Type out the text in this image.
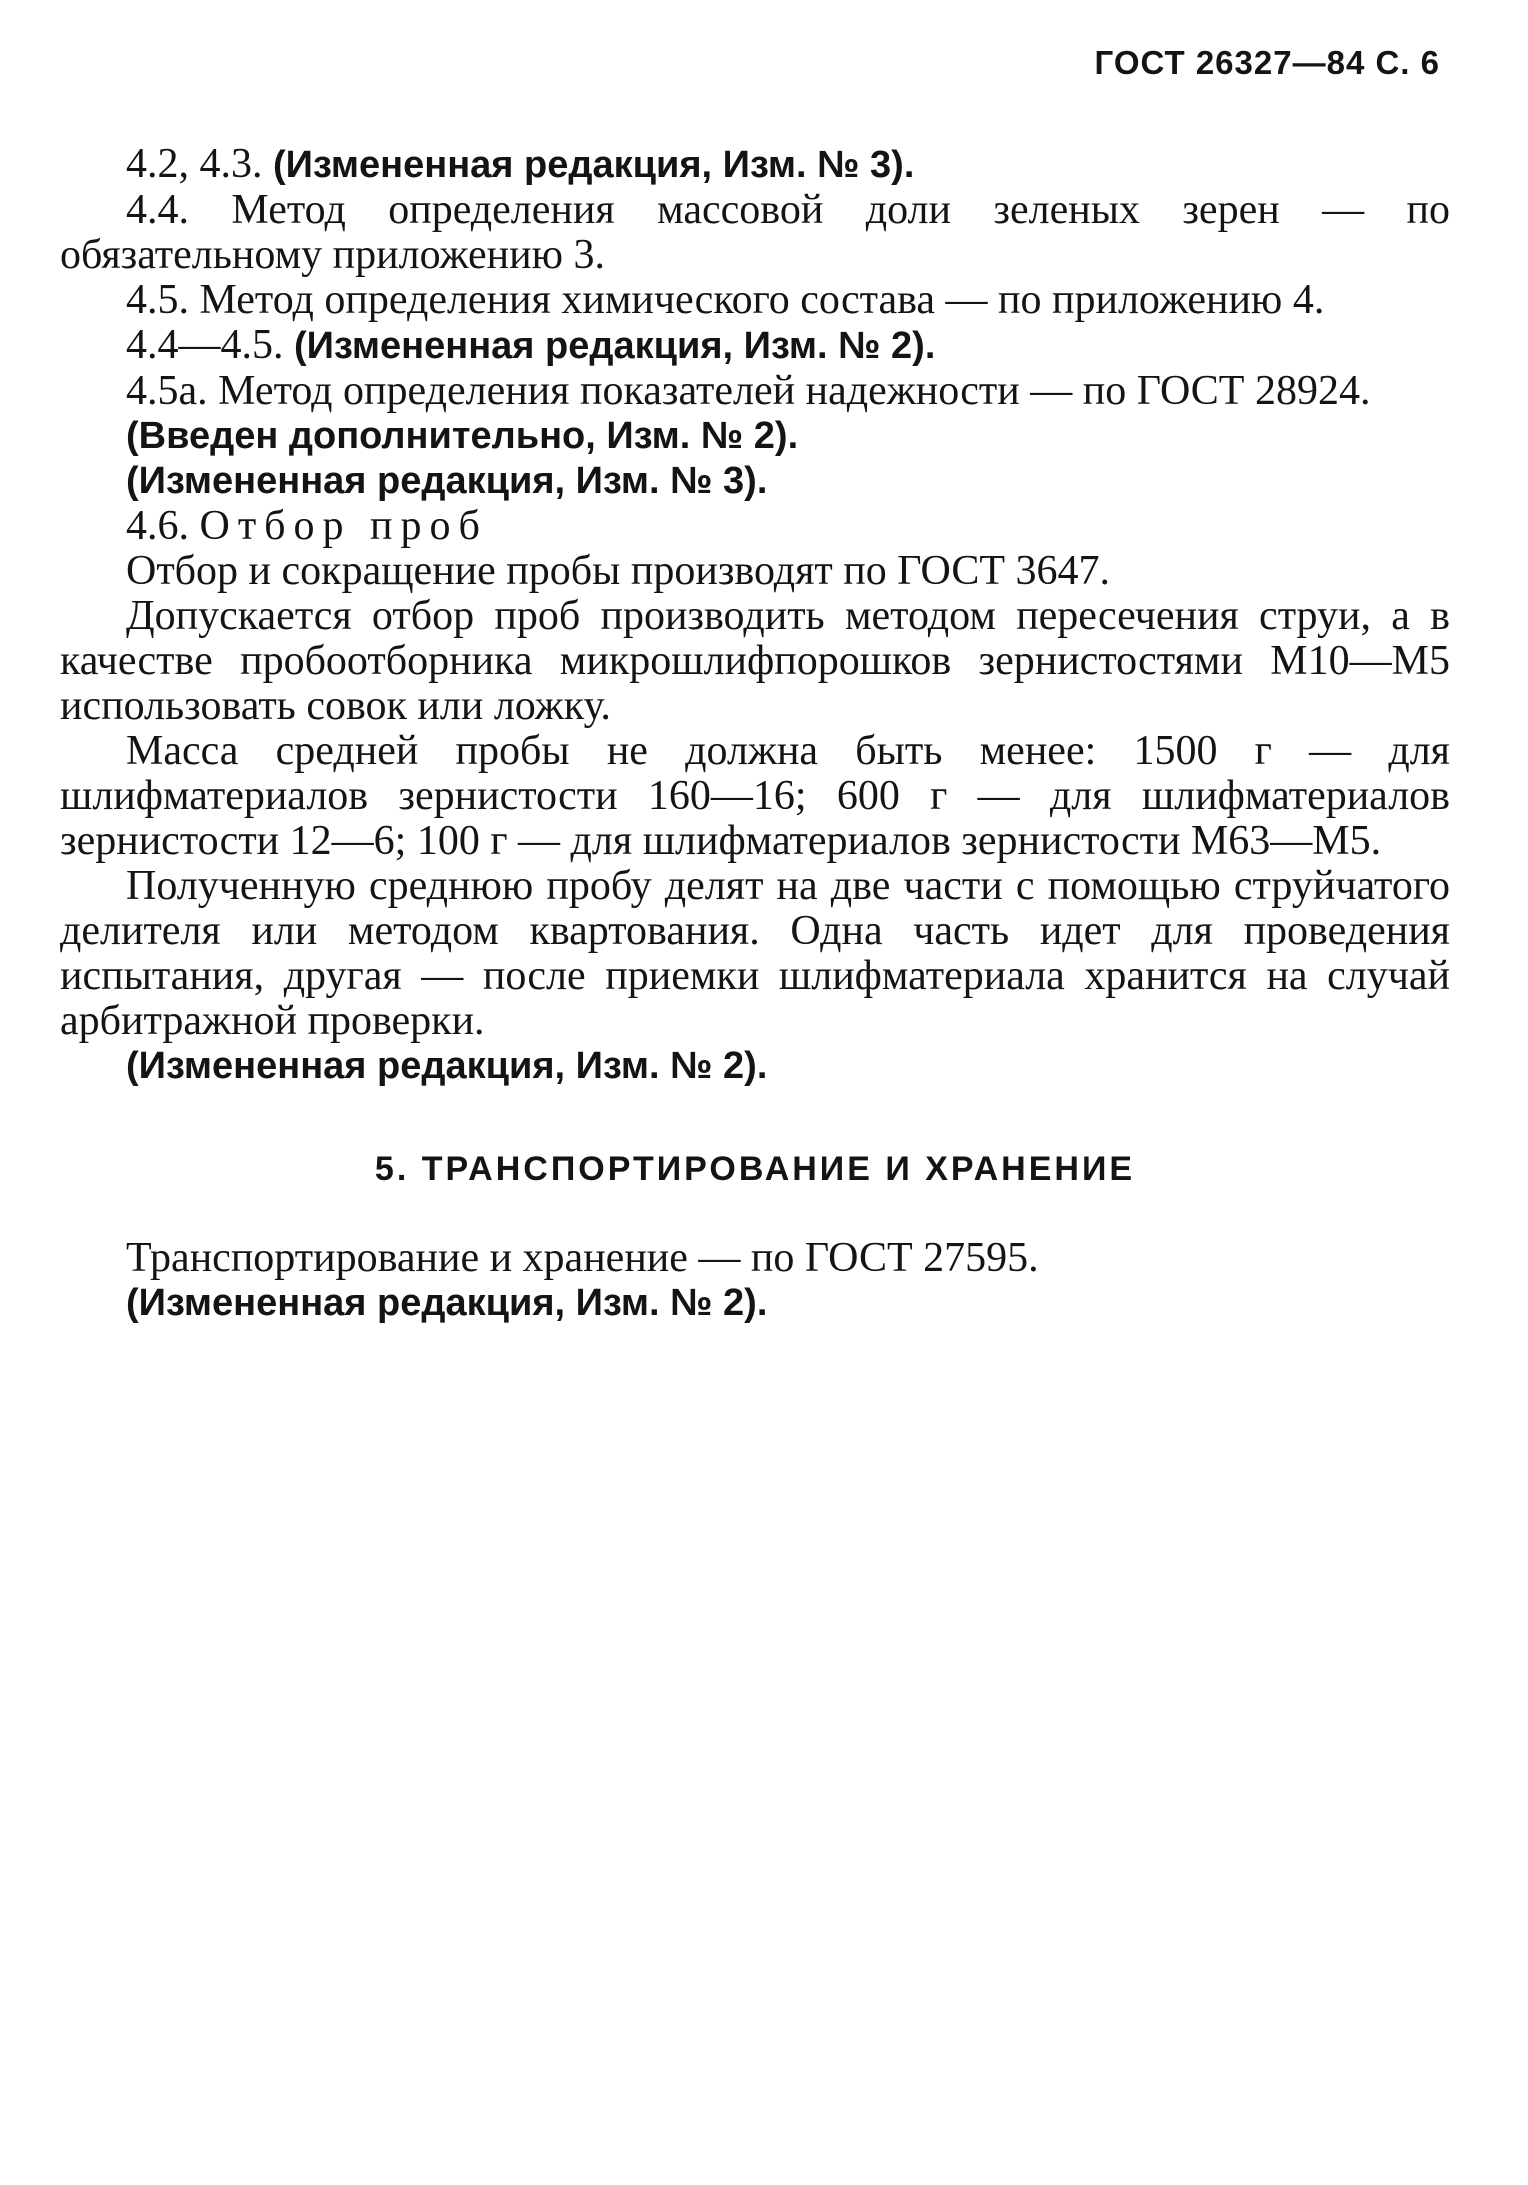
ГОСТ 26327—84 С. 6

4.2, 4.3. (Измененная редакция, Изм. № 3).

4.4. Метод определения массовой доли зеленых зерен — по обязательному приложению 3.

4.5. Метод определения химического состава — по приложению 4.

4.4—4.5. (Измененная редакция, Изм. № 2).

4.5а. Метод определения показателей надежности — по ГОСТ 28924.

(Введен дополнительно, Изм. № 2).

(Измененная редакция, Изм. № 3).

4.6. Отбор проб

Отбор и сокращение пробы производят по ГОСТ 3647.

Допускается отбор проб производить методом пересечения струи, а в качестве пробоотборника микрошлифпорошков зернистостями М10—М5 использовать совок или ложку.

Масса средней пробы не должна быть менее: 1500 г — для шлифматериалов зернистости 160—16; 600 г — для шлифматериалов зернистости 12—6; 100 г — для шлифматериалов зернистости М63—М5.

Полученную среднюю пробу делят на две части с помощью струйчатого делителя или методом квартования. Одна часть идет для проведения испытания, другая — после приемки шлифматериала хранится на случай арбитражной проверки.

(Измененная редакция, Изм. № 2).

5. ТРАНСПОРТИРОВАНИЕ И ХРАНЕНИЕ

Транспортирование и хранение — по ГОСТ 27595.

(Измененная редакция, Изм. № 2).
